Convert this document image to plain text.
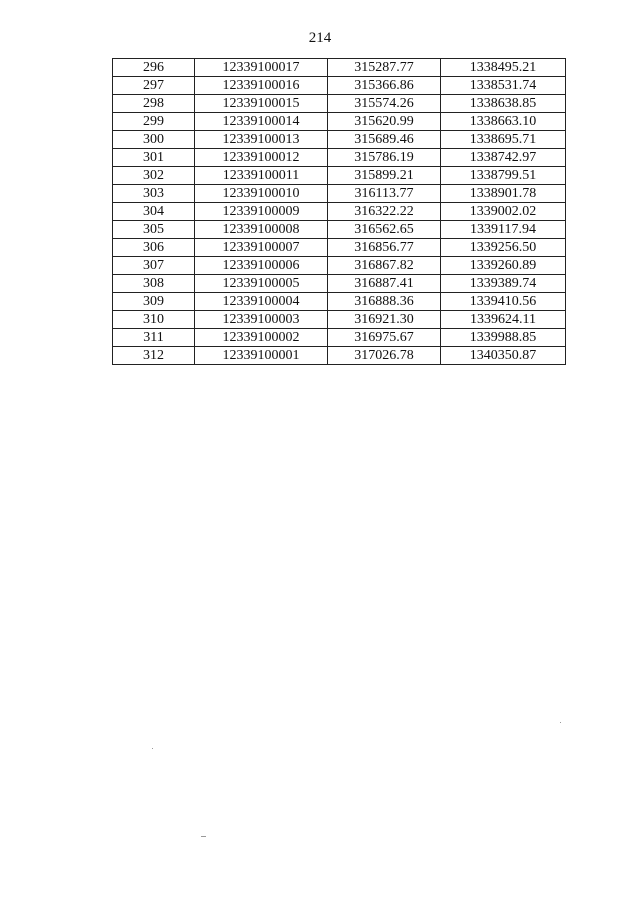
214
296	12339100017	315287.77	1338495.21
297	12339100016	315366.86	1338531.74
298	12339100015	315574.26	1338638.85
299	12339100014	315620.99	1338663.10
300	12339100013	315689.46	1338695.71
301	12339100012	315786.19	1338742.97
302	12339100011	315899.21	1338799.51
303	12339100010	316113.77	1338901.78
304	12339100009	316322.22	1339002.02
305	12339100008	316562.65	1339117.94
306	12339100007	316856.77	1339256.50
307	12339100006	316867.82	1339260.89
308	12339100005	316887.41	1339389.74
309	12339100004	316888.36	1339410.56
310	12339100003	316921.30	1339624.11
311	12339100002	316975.67	1339988.85
312	12339100001	317026.78	1340350.87
